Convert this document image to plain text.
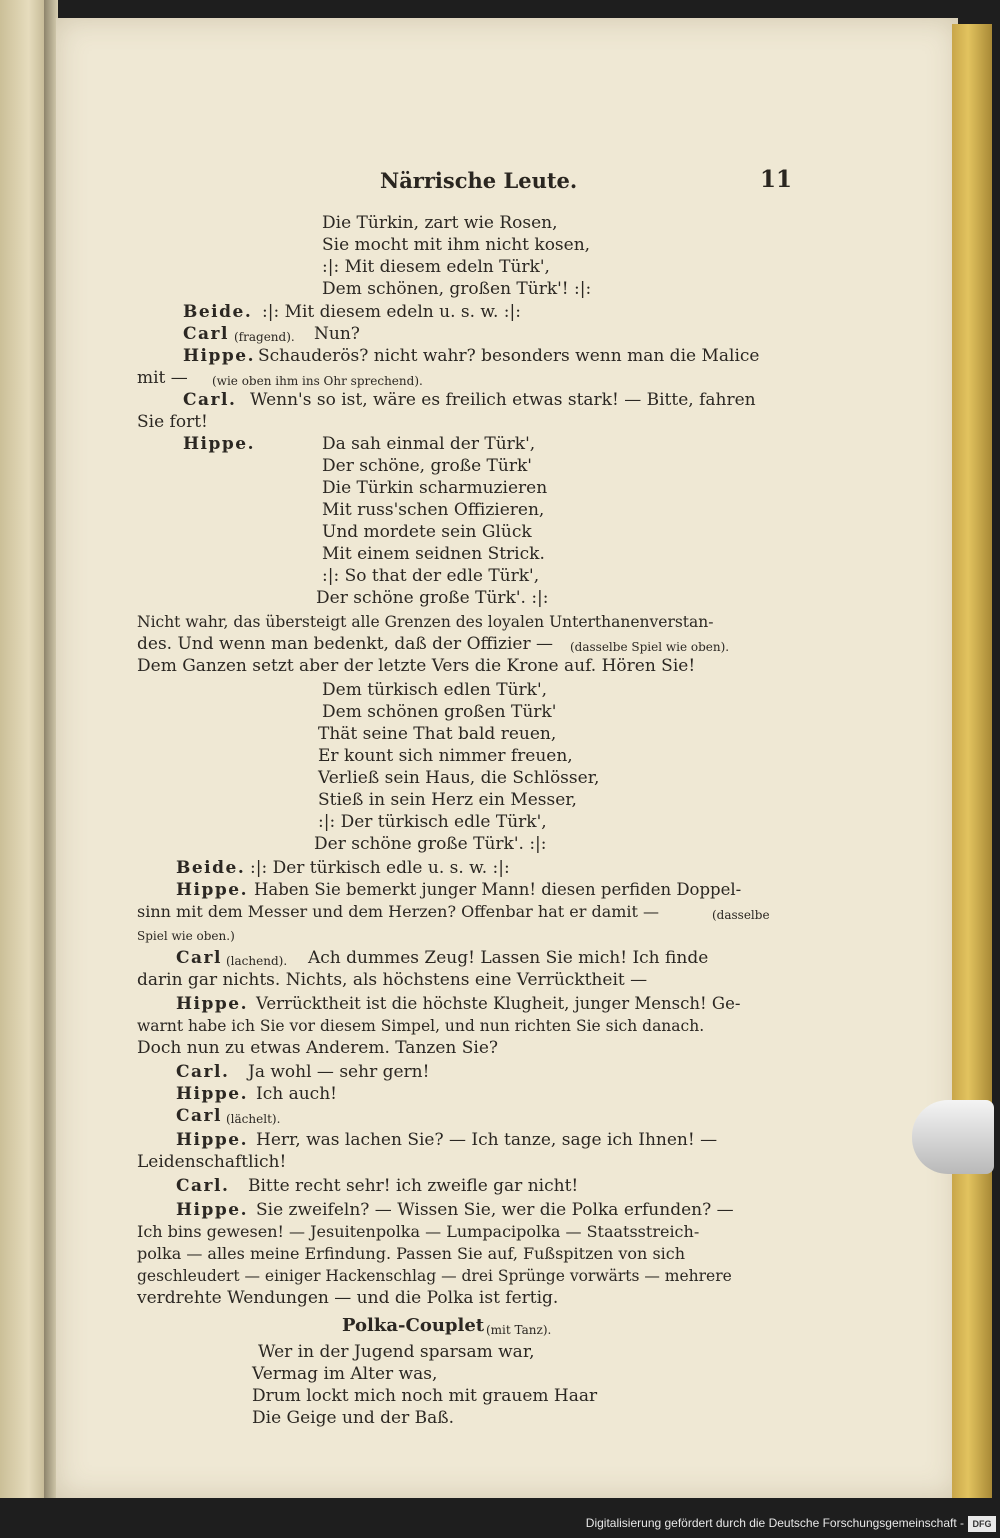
Närrische Leute.	11
Die Türkin, zart wie Rosen,
Sie mocht mit ihm nicht kosen,
:|: Mit diesem edeln Türk',
Dem schönen, großen Türk'! :|:
Beide. :|: Mit diesem edeln u. s. w. :|:
Carl (fragend). Nun?
Hippe. Schauderös? nicht wahr? besonders wenn man die Malice
mit — (wie oben ihm ins Ohr sprechend).
Carl. Wenn's so ist, wäre es freilich etwas stark! — Bitte, fahren
Sie fort!
Hippe.	Da sah einmal der Türk',
Der schöne, große Türk'
Die Türkin scharmuzieren
Mit russ'schen Offizieren,
Und mordete sein Glück
Mit einem seidnen Strick.
:|: So that der edle Türk',
Der schöne große Türk'. :|:
Nicht wahr, das übersteigt alle Grenzen des loyalen Unterthanenverstan-
des. Und wenn man bedenkt, daß der Offizier — (dasselbe Spiel wie oben).
Dem Ganzen setzt aber der letzte Vers die Krone auf. Hören Sie!
Dem türkisch edlen Türk',
Dem schönen großen Türk'
Thät seine That bald reuen,
Er kount sich nimmer freuen,
Verließ sein Haus, die Schlösser,
Stieß in sein Herz ein Messer,
:|: Der türkisch edle Türk',
Der schöne große Türk'. :|:
Beide. :|: Der türkisch edle u. s. w. :|:
Hippe. Haben Sie bemerkt junger Mann! diesen perfiden Doppel-
sinn mit dem Messer und dem Herzen? Offenbar hat er damit —	(dasselbe
Spiel wie oben.)
Carl (lachend). Ach dummes Zeug! Lassen Sie mich! Ich finde
darin gar nichts. Nichts, als höchstens eine Verrücktheit —
Hippe. Verrücktheit ist die höchste Klugheit, junger Mensch! Ge-
warnt habe ich Sie vor diesem Simpel, und nun richten Sie sich danach.
Doch nun zu etwas Anderem. Tanzen Sie?
Carl. Ja wohl — sehr gern!
Hippe. Ich auch!
Carl (lächelt).
Hippe. Herr, was lachen Sie? — Ich tanze, sage ich Ihnen! —
Leidenschaftlich!
Carl. Bitte recht sehr! ich zweifle gar nicht!
Hippe. Sie zweifeln? — Wissen Sie, wer die Polka erfunden? —
Ich bins gewesen! — Jesuitenpolka — Lumpacipolka — Staatsstreich-
polka — alles meine Erfindung. Passen Sie auf, Fußspitzen von sich
geschleudert — einiger Hackenschlag — drei Sprünge vorwärts — mehrere
verdrehte Wendungen — und die Polka ist fertig.
Polka-Couplet (mit Tanz).
Wer in der Jugend sparsam war,
Vermag im Alter was,
Drum lockt mich noch mit grauem Haar
Die Geige und der Baß.
Digitalisierung gefördert durch die Deutsche Forschungsgemeinschaft - DFG
